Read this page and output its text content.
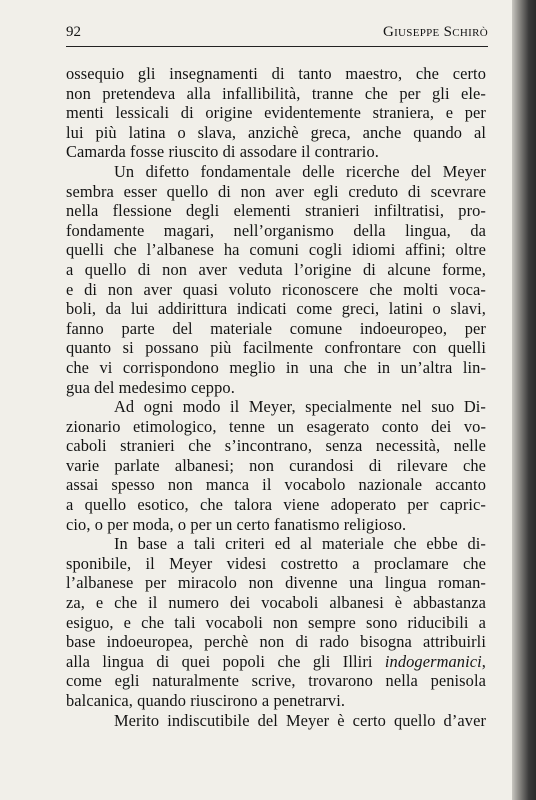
92	Giuseppe Schirò
ossequio gli insegnamenti di tanto maestro, che certo
non pretendeva alla infallibilità, tranne che per gli ele-
menti lessicali di origine evidentemente straniera, e per
lui più latina o slava, anzichè greca, anche quando al
Camarda fosse riuscito di assodare il contrario.
Un difetto fondamentale delle ricerche del Meyer
sembra esser quello di non aver egli creduto di scevrare
nella flessione degli elementi stranieri infiltratisi, pro-
fondamente magari, nell’organismo della lingua, da
quelli che l’albanese ha comuni cogli idiomi affini; oltre
a quello di non aver veduta l’origine di alcune forme,
e di non aver quasi voluto riconoscere che molti voca-
boli, da lui addirittura indicati come greci, latini o slavi,
fanno parte del materiale comune indoeuropeo, per
quanto si possano più facilmente confrontare con quelli
che vi corrispondono meglio in una che in un’altra lin-
gua del medesimo ceppo.
Ad ogni modo il Meyer, specialmente nel suo Di-
zionario etimologico, tenne un esagerato conto dei vo-
caboli stranieri che s’incontrano, senza necessità, nelle
varie parlate albanesi; non curandosi di rilevare che
assai spesso non manca il vocabolo nazionale accanto
a quello esotico, che talora viene adoperato per capric-
cio, o per moda, o per un certo fanatismo religioso.
In base a tali criteri ed al materiale che ebbe di-
sponibile, il Meyer videsi costretto a proclamare che
l’albanese per miracolo non divenne una lingua roman-
za, e che il numero dei vocaboli albanesi è abbastanza
esiguo, e che tali vocaboli non sempre sono riducibili a
base indoeuropea, perchè non di rado bisogna attribuirli
alla lingua di quei popoli che gli Illiri indogermanici,
come egli naturalmente scrive, trovarono nella penisola
balcanica, quando riuscirono a penetrarvi.
Merito indiscutibile del Meyer è certo quello d’aver
